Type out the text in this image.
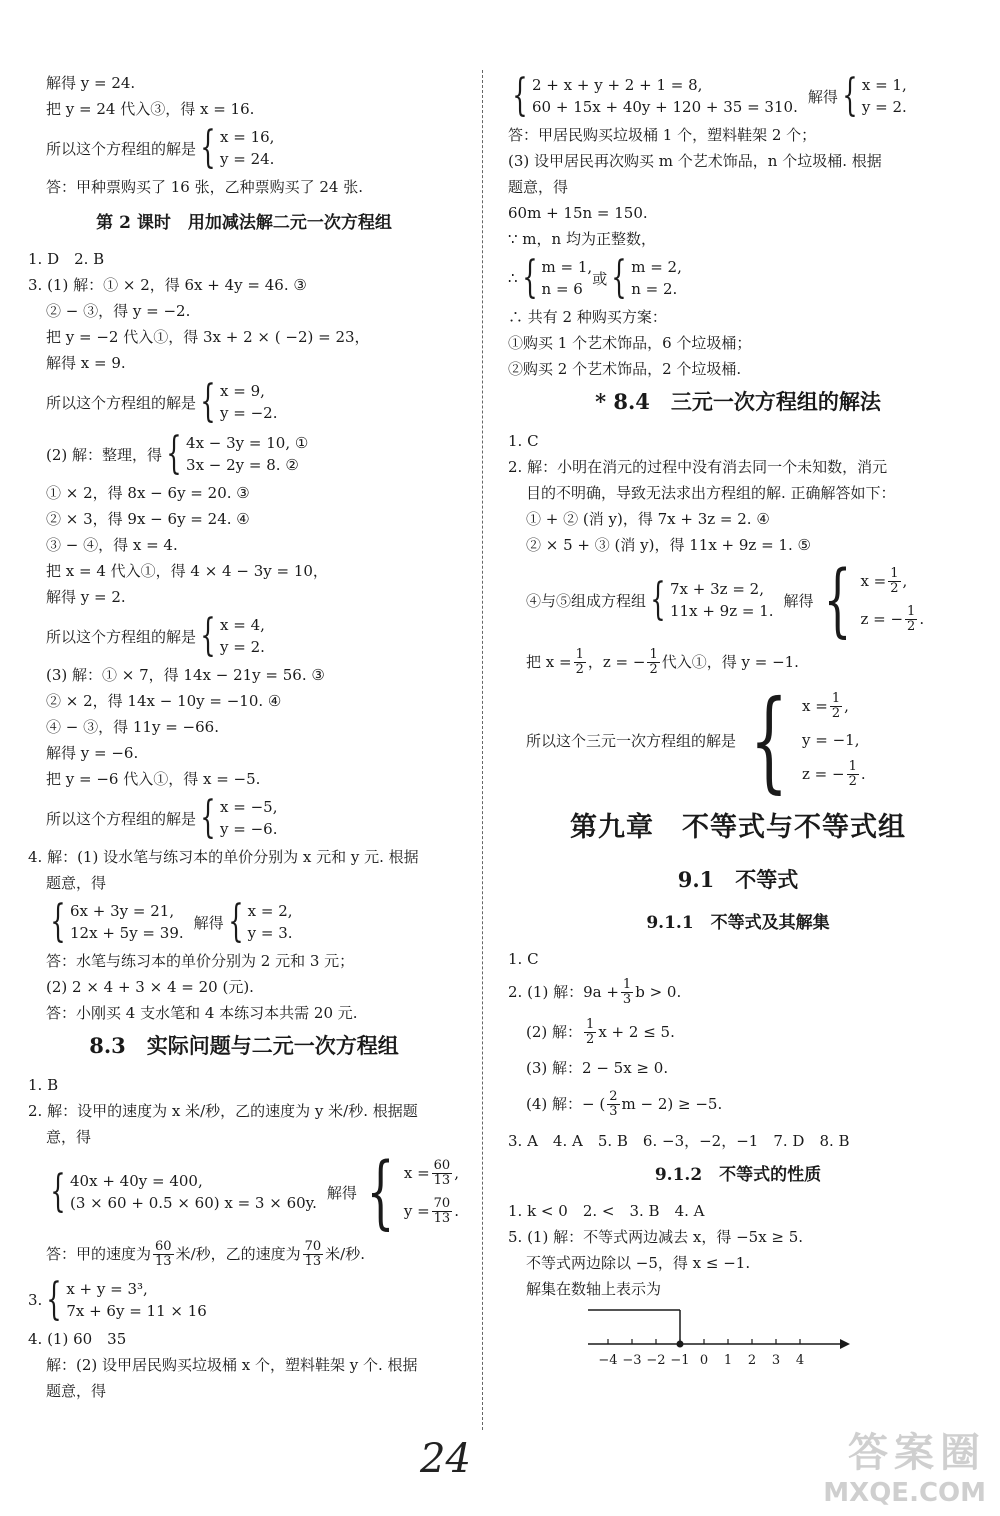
解得 y = 24.
把 y = 24 代入③，得 x = 16.
所以这个方程组的解是 { x = 16,
y = 24.
答：甲种票购买了 16 张，乙种票购买了 24 张.
第 2 课时　用加减法解二元一次方程组
1. D　2. B
3. (1) 解：① × 2，得 6x + 4y = 46. ③
② − ③，得 y = −2.
把 y = −2 代入①，得 3x + 2 × ( −2) = 23，
解得 x = 9.
所以这个方程组的解是 { x = 9,
y = −2.
(2) 解：整理，得 { 4x − 3y = 10, ①
3x − 2y = 8. ②
① × 2，得 8x − 6y = 20. ③
② × 3，得 9x − 6y = 24. ④
③ − ④，得 x = 4.
把 x = 4 代入①，得 4 × 4 − 3y = 10，
解得 y = 2.
所以这个方程组的解是 { x = 4,
y = 2.
(3) 解：① × 7，得 14x − 21y = 56. ③
② × 2，得 14x − 10y = −10. ④
④ − ③，得 11y = −66.
解得 y = −6.
把 y = −6 代入①，得 x = −5.
所以这个方程组的解是 { x = −5,
y = −6.
4. 解：(1) 设水笔与练习本的单价分别为 x 元和 y 元. 根据
题意，得
{ 6x + 3y = 21,
12x + 5y = 39.
解得 { x = 2,
y = 3.
答：水笔与练习本的单价分别为 2 元和 3 元；
(2) 2 × 4 + 3 × 4 = 20 (元).
答：小刚买 4 支水笔和 4 本练习本共需 20 元.
8.3　实际问题与二元一次方程组
1. B
2. 解：设甲的速度为 x 米/秒，乙的速度为 y 米/秒. 根据题
意，得
{ 40x + 40y = 400,
(3 × 60 + 0.5 × 60) x = 3 × 60y.
解得 { $x = \frac{60}{13}$ ,
$y = \frac{70}{13}$ .
答：甲的速度为 $\frac{60}{13}$ 米/秒，乙的速度为 $\frac{70}{13}$ 米/秒.
3. { x + y = 3³,
7x + 6y = 11 × 16
4. (1) 60　35
解：(2) 设甲居民购买垃圾桶 x 个，塑料鞋架 y 个. 根据
题意，得
{ 2 + x + y + 2 + 1 = 8,
60 + 15x + 40y + 120 + 35 = 310.
解得 { x = 1,
y = 2.
答：甲居民购买垃圾桶 1 个，塑料鞋架 2 个；
(3) 设甲居民再次购买 m 个艺术饰品，n 个垃圾桶. 根据
题意，得
60m + 15n = 150.
∵ m，n 均为正整数，
∴ { m = 1,
n = 6
或 { m = 2,
n = 2.
∴ 共有 2 种购买方案：
①购买 1 个艺术饰品，6 个垃圾桶；
②购买 2 个艺术饰品，2 个垃圾桶.
* 8.4　三元一次方程组的解法
1. C
2. 解：小明在消元的过程中没有消去同一个未知数，消元
目的不明确，导致无法求出方程组的解. 正确解答如下：
① + ② (消 y)，得 7x + 3z = 2. ④
② × 5 + ③ (消 y)，得 11x + 9z = 1. ⑤
④与⑤组成方程组 { 7x + 3z = 2,
11x + 9z = 1.
解得 { $x = \frac{1}{2}$ ,
z = − $\frac{1}{2}$ .
把 $x = \frac{1}{2}$ ，z = − $\frac{1}{2}$ 代入①，得 y = −1.
所以这个三元一次方程组的解是 { $x = \frac{1}{2}$ ,
y = −1,
z = − $\frac{1}{2}$ .
第九章　不等式与不等式组
9.1　不等式
9.1.1　不等式及其解集
1. C
2. (1) 解：$9a + \frac{1}{3}$ b > 0.
(2) 解： $\frac{1}{2}$ x + 2 ≤ 5.
(3) 解：2 − 5x ≥ 0.
(4) 解：− ( $\frac{2}{3}$ m − 2) ≥ −5.
3. A　4. A　5. B　6. −3，−2，−1　7. D　8. B
9.1.2　不等式的性质
1. k < 0　2. <　3. B　4. A
5. (1) 解：不等式两边减去 x，得 −5x ≥ 5.
不等式两边除以 −5，得 x ≤ −1.
解集在数轴上表示为
−4 −3 −2 −1 0 1 2 3 4
24	答案圈
MXQE.COM
